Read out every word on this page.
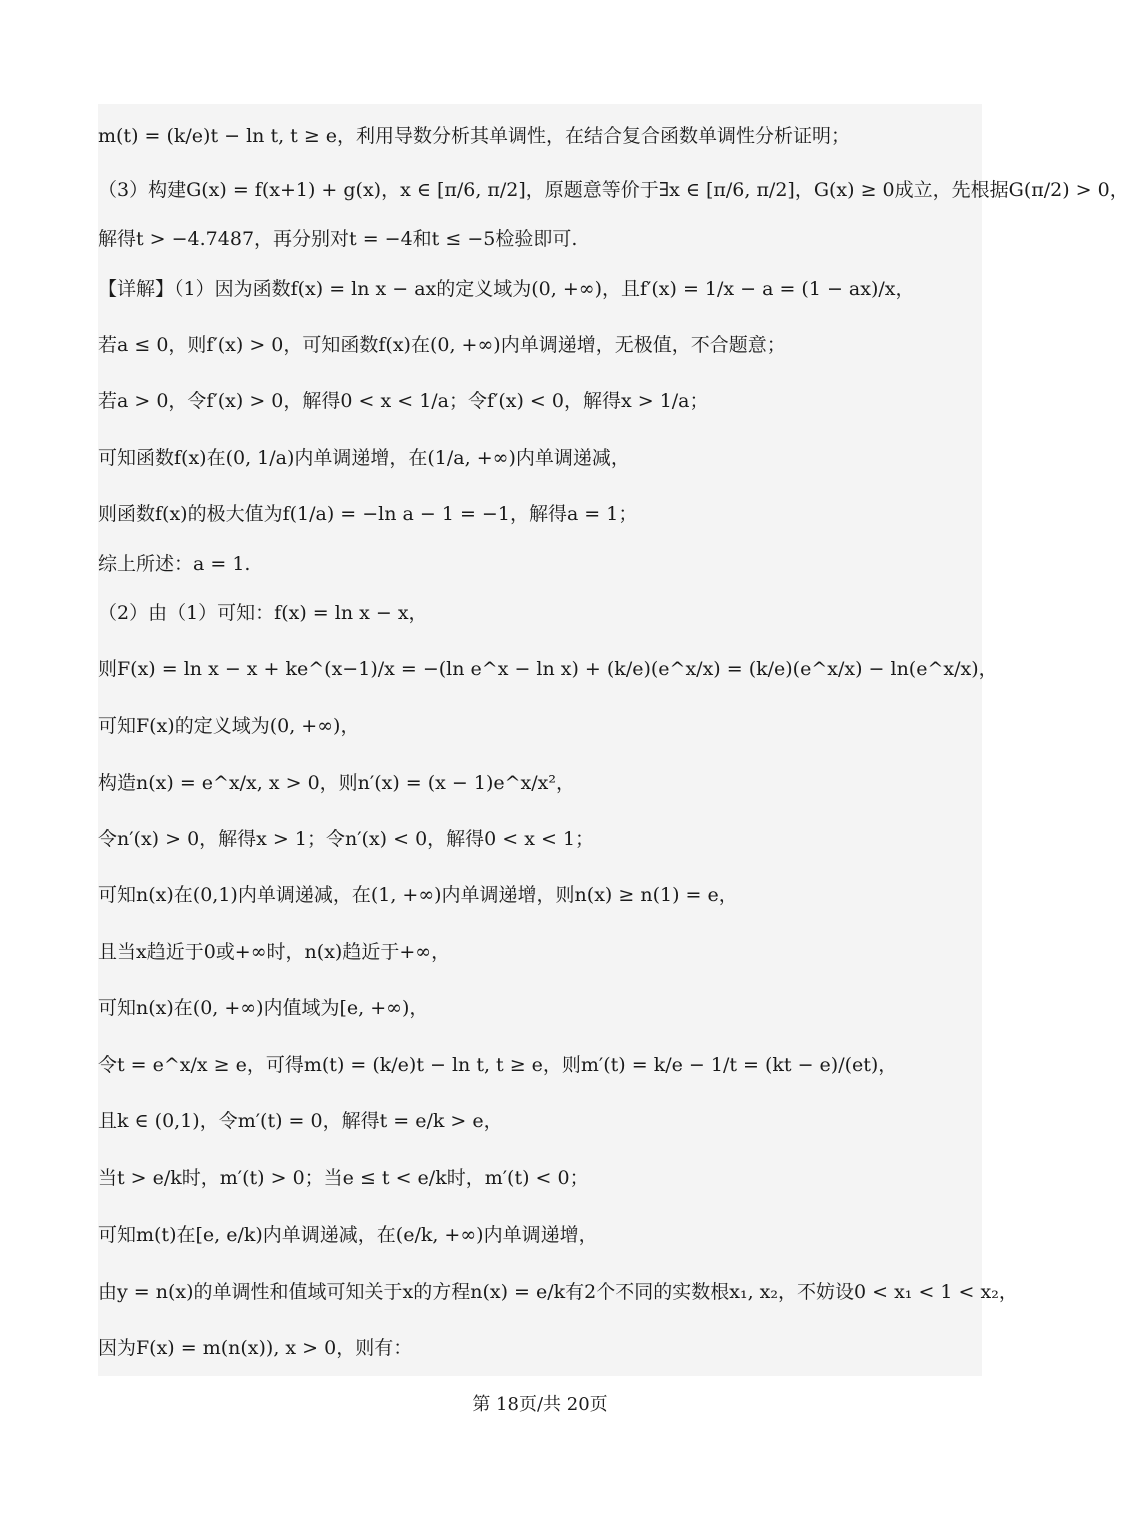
m(t) = (k/e)t − ln t, t ≥ e，利用导数分析其单调性，在结合复合函数单调性分析证明；
（3）构建G(x) = f(x+1) + g(x)，x ∈ [π/6, π/2]，原题意等价于∃x ∈ [π/6, π/2]，G(x) ≥ 0成立，先根据G(π/2) > 0，
解得t > −4.7487，再分别对t = −4和t ≤ −5检验即可.
【详解】（1）因为函数f(x) = ln x − ax的定义域为(0, +∞)，且f′(x) = 1/x − a = (1 − ax)/x，
若a ≤ 0，则f′(x) > 0，可知函数f(x)在(0, +∞)内单调递增，无极值，不合题意；
若a > 0，令f′(x) > 0，解得0 < x < 1/a；令f′(x) < 0，解得x > 1/a；
可知函数f(x)在(0, 1/a)内单调递增，在(1/a, +∞)内单调递减，
则函数f(x)的极大值为f(1/a) = −ln a − 1 = −1，解得a = 1；
综上所述：a = 1.
（2）由（1）可知：f(x) = ln x − x，
则F(x) = ln x − x + ke^(x−1)/x = −(ln e^x − ln x) + (k/e)(e^x/x) = (k/e)(e^x/x) − ln(e^x/x)，
可知F(x)的定义域为(0, +∞)，
构造n(x) = e^x/x, x > 0，则n′(x) = (x − 1)e^x/x²，
令n′(x) > 0，解得x > 1；令n′(x) < 0，解得0 < x < 1；
可知n(x)在(0,1)内单调递减，在(1, +∞)内单调递增，则n(x) ≥ n(1) = e，
且当x趋近于0或+∞时，n(x)趋近于+∞，
可知n(x)在(0, +∞)内值域为[e, +∞)，
令t = e^x/x ≥ e，可得m(t) = (k/e)t − ln t, t ≥ e，则m′(t) = k/e − 1/t = (kt − e)/(et)，
且k ∈ (0,1)，令m′(t) = 0，解得t = e/k > e，
当t > e/k时，m′(t) > 0；当e ≤ t < e/k时，m′(t) < 0；
可知m(t)在[e, e/k)内单调递减，在(e/k, +∞)内单调递增，
由y = n(x)的单调性和值域可知关于x的方程n(x) = e/k有2个不同的实数根x₁, x₂，不妨设0 < x₁ < 1 < x₂，
因为F(x) = m(n(x)), x > 0，则有：
第 18页/共 20页
